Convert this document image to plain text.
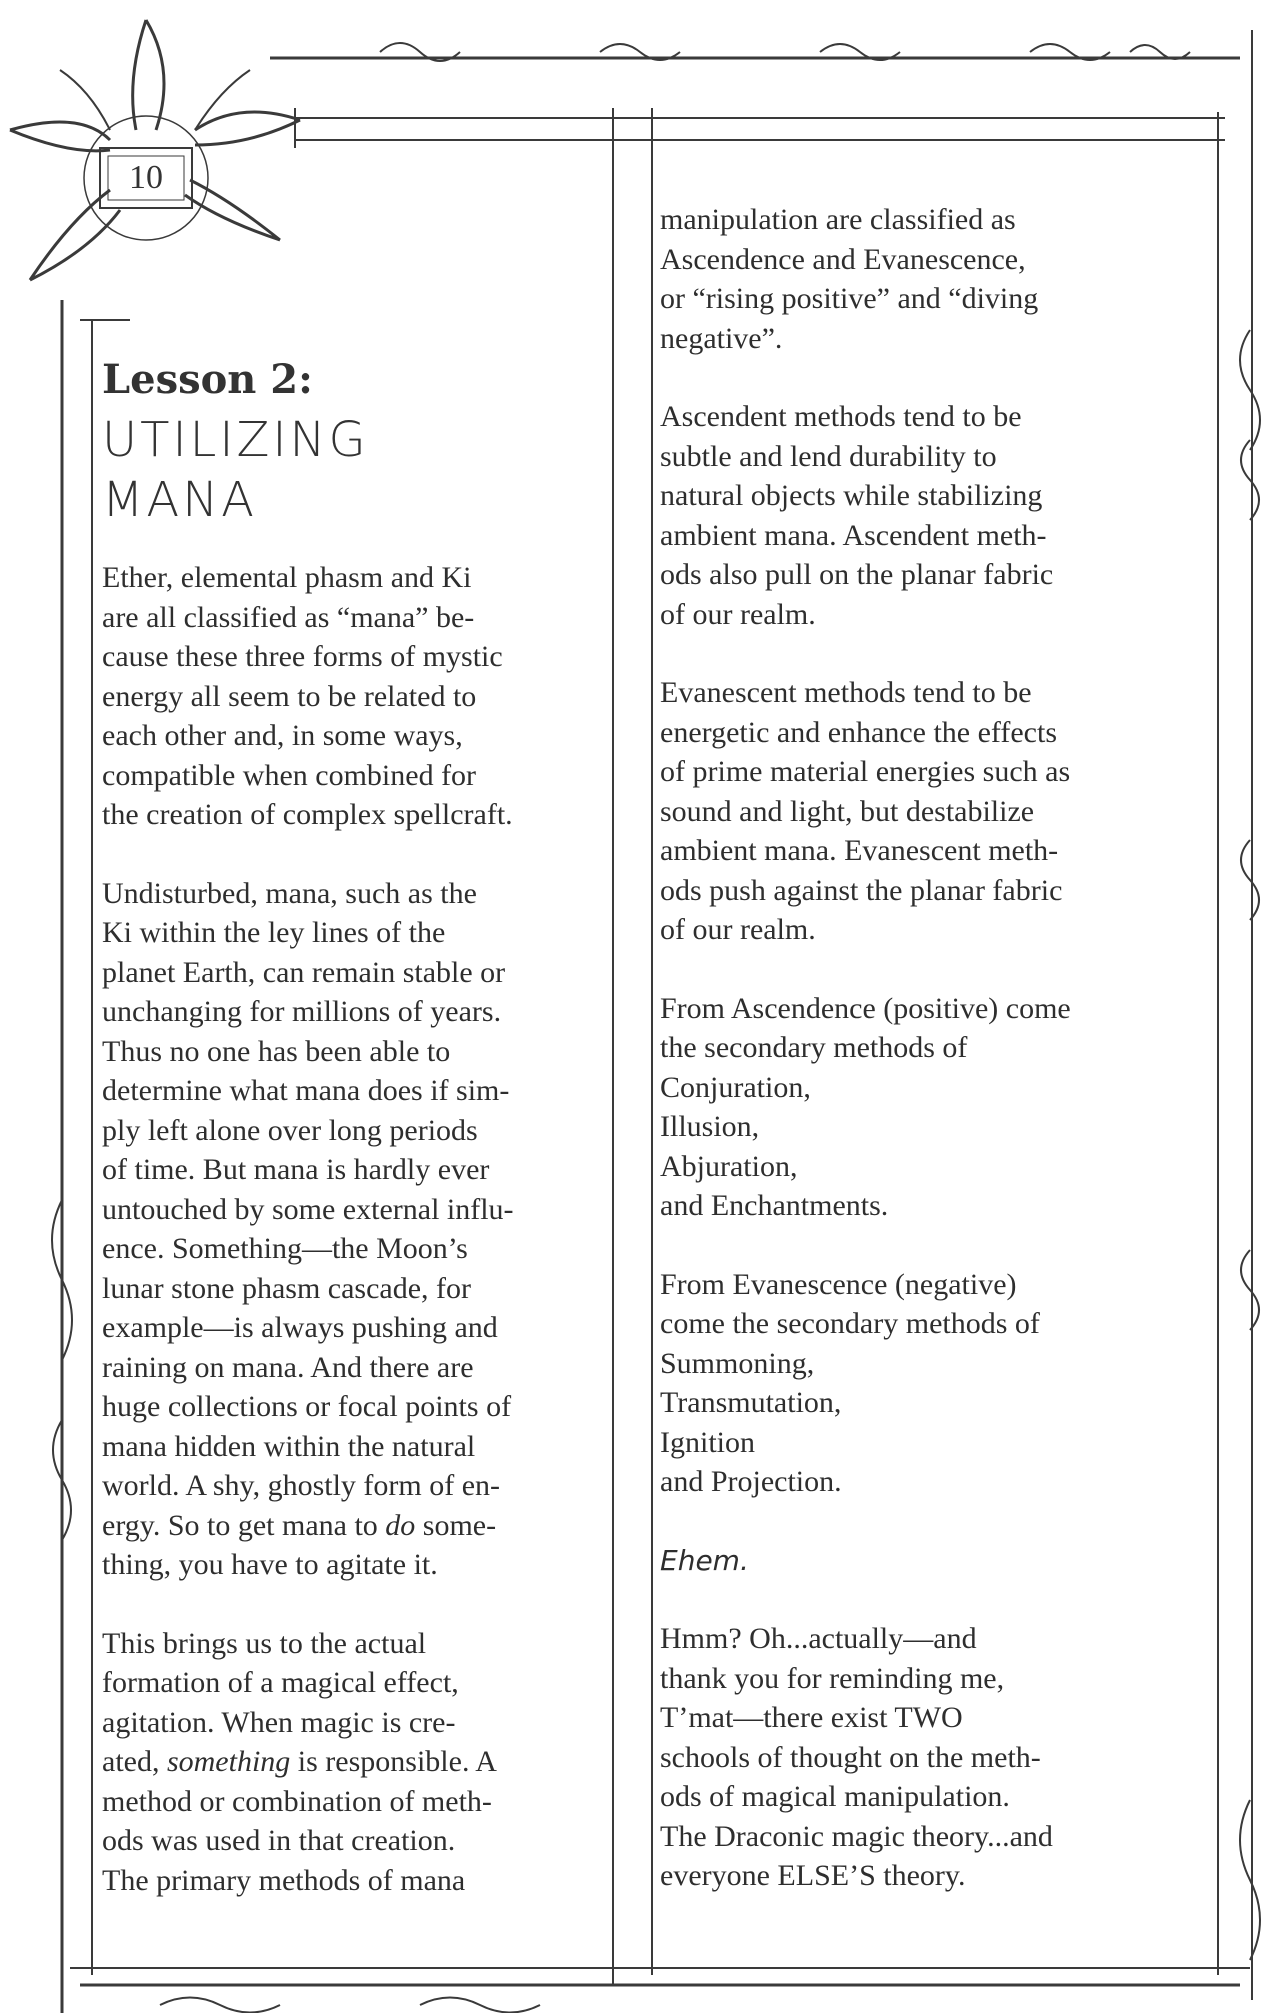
10
Lesson 2:
UTILIZING
MANA

Ether, elemental phasm and Ki
are all classified as “mana” be-
cause these three forms of mystic
energy all seem to be related to
each other and, in some ways,
compatible when combined for
the creation of complex spellcraft.

Undisturbed, mana, such as the
Ki within the ley lines of the
planet Earth, can remain stable or
unchanging for millions of years.
Thus no one has been able to
determine what mana does if sim-
ply left alone over long periods
of time. But mana is hardly ever
untouched by some external influ-
ence. Something—the Moon’s
lunar stone phasm cascade, for
example—is always pushing and
raining on mana. And there are
huge collections or focal points of
mana hidden within the natural
world. A shy, ghostly form of en-
ergy. So to get mana to do some-
thing, you have to agitate it.

This brings us to the actual
formation of a magical effect,
agitation. When magic is cre-
ated, something is responsible. A
method or combination of meth-
ods was used in that creation.
The primary methods of mana

manipulation are classified as
Ascendence and Evanescence,
or “rising positive” and “diving
negative”.

Ascendent methods tend to be
subtle and lend durability to
natural objects while stabilizing
ambient mana. Ascendent meth-
ods also pull on the planar fabric
of our realm.

Evanescent methods tend to be
energetic and enhance the effects
of prime material energies such as
sound and light, but destabilize
ambient mana. Evanescent meth-
ods push against the planar fabric
of our realm.

From Ascendence (positive) come
the secondary methods of
Conjuration,
Illusion,
Abjuration,
and Enchantments.
From Evanescence (negative)
come the secondary methods of
Summoning,
Transmutation,
Ignition
and Projection.
Ehem.

Hmm? Oh...actually—and
thank you for reminding me,
T’mat—there exist TWO
schools of thought on the meth-
ods of magical manipulation.
The Draconic magic theory...and
everyone ELSE’S theory.
